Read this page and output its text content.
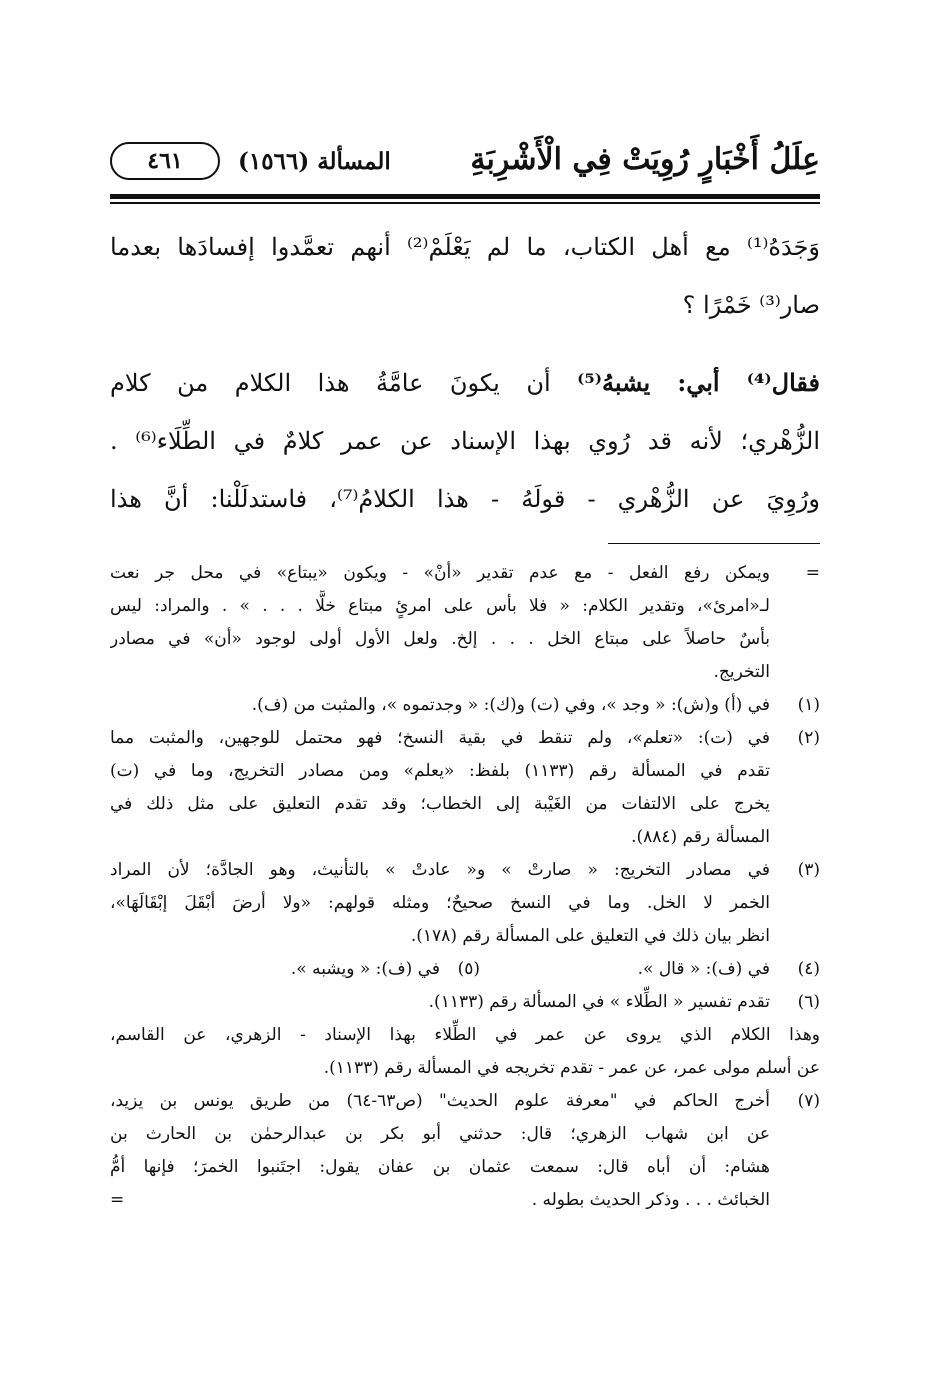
عِلَلُ أَخْبَارٍ رُوِيَتْ فِي الْأَشْرِبَةِ
المسألة (١٥٦٦)
٤٦١
وَجَدَهُ⁽¹⁾ مع أهل الكتاب، ما لم يَعْلَمْ⁽²⁾ أنهم تعمَّدوا إفسادَها بعدما
صار⁽³⁾ خَمْرًا ؟
فقال⁽⁴⁾ أبي: يشبهُ⁽⁵⁾ أن يكونَ عامَّةُ هذا الكلام من كلام
الزُّهْري؛ لأنه قد رُوي بهذا الإسناد عن عمر كلامٌ في الطِّلَاء⁽⁶⁾ .
ورُوِيَ عن الزُّهْري - قولَهُ - هذا الكلامُ⁽⁷⁾، فاستدلَلْنا: أنَّ هذا
=
ويمكن رفع الفعل - مع عدم تقدير «أنْ» - ويكون «يبتاع» في محل جر نعت
لـ«امرئ»، وتقدير الكلام: « فلا بأس على امرئٍ مبتاع خلًّا . . . » . والمراد: ليس
بأسٌ حاصلاً على مبتاع الخل . . . إلخ. ولعل الأول أولى لوجود «أن» في مصادر
التخريج.
(١)
في (أ) و(ش): « وجد »، وفي (ت) و(ك): « وجدتموه »، والمثبت من (ف).
(٢)
في (ت): «تعلم»، ولم تنقط في بقية النسخ؛ فهو محتمل للوجهين، والمثبت مما
تقدم في المسألة رقم (١١٣٣) بلفظ: «يعلم» ومن مصادر التخريج، وما في (ت)
يخرج على الالتفات من الغَيْبة إلى الخطاب؛ وقد تقدم التعليق على مثل ذلك في
المسألة رقم (٨٨٤).
(٣)
في مصادر التخريج: « صارتْ » و« عادتْ » بالتأنيث، وهو الجادَّة؛ لأن المراد
الخمر لا الخل. وما في النسخ صحيحٌ؛ ومثله قولهم: «ولا أرضَ أبْقَلَ إبْقَالَهَا»،
انظر بيان ذلك في التعليق على المسألة رقم (١٧٨).
(٤)
في (ف): « قال ».
(٥)
في (ف): « ويشبه ».
(٦)
تقدم تفسير « الطِّلاء » في المسألة رقم (١١٣٣).
وهذا الكلام الذي يروى عن عمر في الطِّلاء بهذا الإسناد - الزهري، عن القاسم،
عن أسلم مولى عمر، عن عمر - تقدم تخريجه في المسألة رقم (١١٣٣).
(٧)
أخرج الحاكم في "معرفة علوم الحديث" (ص٦٣-٦٤) من طريق يونس بن يزيد،
عن ابن شهاب الزهري؛ قال: حدثني أبو بكر بن عبدالرحمٰن بن الحارث بن
هشام: أن أباه قال: سمعت عثمان بن عفان يقول: اجتَنبوا الخمرَ؛ فإنها أمُّ
الخبائث . . . وذكر الحديث بطوله .
=
